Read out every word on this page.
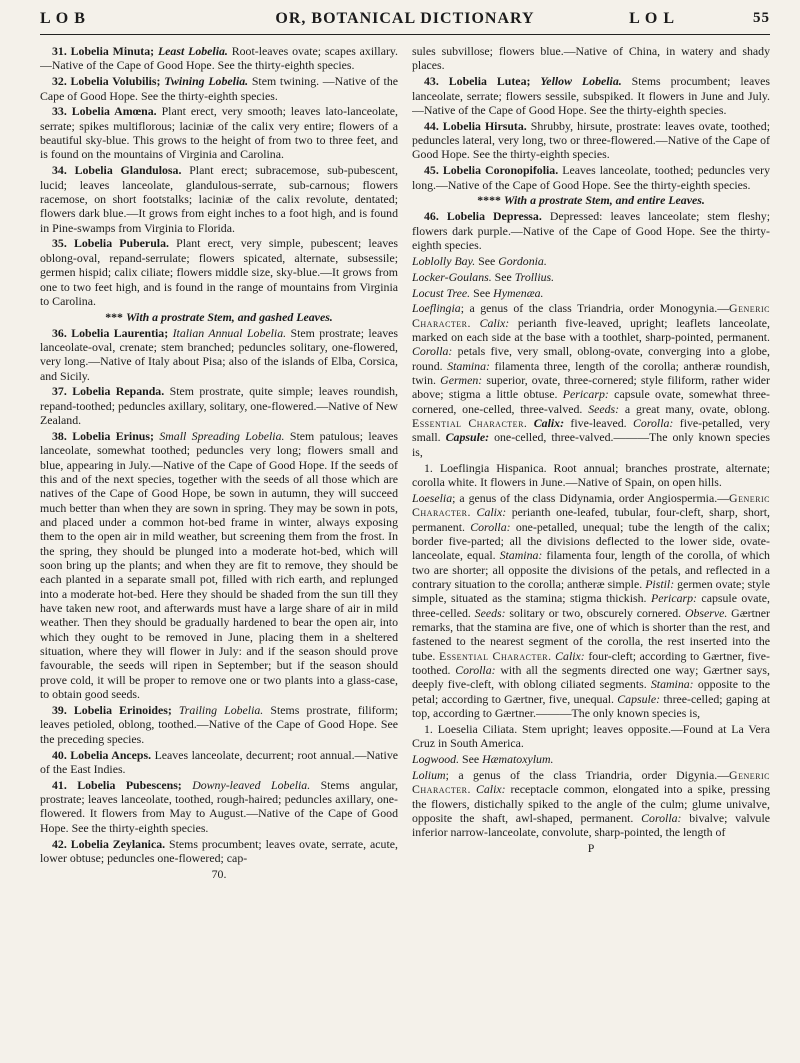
L O B	OR, BOTANICAL DICTIONARY	L O L	55

31. Lobelia Minuta; Least Lobelia. Root-leaves ovate; scapes axillary.—Native of the Cape of Good Hope. See the thirty-eighth species.

32. Lobelia Volubilis; Twining Lobelia. Stem twining. —Native of the Cape of Good Hope. See the thirty-eighth species.

33. Lobelia Amœna. Plant erect, very smooth; leaves lato-lanceolate, serrate; spikes multiflorous; laciniæ of the calix very entire; flowers of a beautiful sky-blue. This grows to the height of from two to three feet, and is found on the mountains of Virginia and Carolina.

34. Lobelia Glandulosa. Plant erect; subracemose, sub-pubescent, lucid; leaves lanceolate, glandulous-serrate, sub-carnous; flowers racemose, on short footstalks; laciniæ of the calix revolute, dentated; flowers dark blue.—It grows from eight inches to a foot high, and is found in Pine-swamps from Virginia to Florida.

35. Lobelia Puberula. Plant erect, very simple, pubescent; leaves oblong-oval, repand-serrulate; flowers spicated, alternate, subsessile; germen hispid; calix ciliate; flowers middle size, sky-blue.—It grows from one to two feet high, and is found in the range of mountains from Virginia to Carolina.

*** With a prostrate Stem, and gashed Leaves.

36. Lobelia Laurentia; Italian Annual Lobelia. Stem prostrate; leaves lanceolate-oval, crenate; stem branched; peduncles solitary, one-flowered, very long.—Native of Italy about Pisa; also of the islands of Elba, Corsica, and Sicily.

37. Lobelia Repanda. Stem prostrate, quite simple; leaves roundish, repand-toothed; peduncles axillary, solitary, one-flowered.—Native of New Zealand.

38. Lobelia Erinus; Small Spreading Lobelia. Stem patulous; leaves lanceolate, somewhat toothed; peduncles very long; flowers small and blue, appearing in July.—Native of the Cape of Good Hope. If the seeds of this and of the next species, together with the seeds of all those which are natives of the Cape of Good Hope, be sown in autumn, they will succeed much better than when they are sown in spring. They may be sown in pots, and placed under a common hot-bed frame in winter, always exposing them to the open air in mild weather, but screening them from the frost. In the spring, they should be plunged into a moderate hot-bed, which will soon bring up the plants; and when they are fit to remove, they should be each planted in a separate small pot, filled with rich earth, and replunged into a moderate hot-bed. Here they should be shaded from the sun till they have taken new root, and afterwards must have a large share of air in mild weather. Then they should be gradually hardened to bear the open air, into which they ought to be removed in June, placing them in a sheltered situation, where they will flower in July: and if the season should prove favourable, the seeds will ripen in September; but if the season should prove cold, it will be proper to remove one or two plants into a glass-case, to obtain good seeds.

39. Lobelia Erinoides; Trailing Lobelia. Stems prostrate, filiform; leaves petioled, oblong, toothed.—Native of the Cape of Good Hope. See the preceding species.

40. Lobelia Anceps. Leaves lanceolate, decurrent; root annual.—Native of the East Indies.

41. Lobelia Pubescens; Downy-leaved Lobelia. Stems angular, prostrate; leaves lanceolate, toothed, rough-haired; peduncles axillary, one-flowered. It flowers from May to August.—Native of the Cape of Good Hope. See the thirty-eighth species.

42. Lobelia Zeylanica. Stems procumbent; leaves ovate, serrate, acute, lower obtuse; peduncles one-flowered; cap-

70.

sules subvillose; flowers blue.—Native of China, in watery and shady places.

43. Lobelia Lutea; Yellow Lobelia. Stems procumbent; leaves lanceolate, serrate; flowers sessile, subspiked. It flowers in June and July.—Native of the Cape of Good Hope. See the thirty-eighth species.

44. Lobelia Hirsuta. Shrubby, hirsute, prostrate: leaves ovate, toothed; peduncles lateral, very long, two or three-flowered.—Native of the Cape of Good Hope. See the thirty-eighth species.

45. Lobelia Coronopifolia. Leaves lanceolate, toothed; peduncles very long.—Native of the Cape of Good Hope. See the thirty-eighth species.

**** With a prostrate Stem, and entire Leaves.

46. Lobelia Depressa. Depressed: leaves lanceolate; stem fleshy; flowers dark purple.—Native of the Cape of Good Hope. See the thirty-eighth species.

Loblolly Bay. See Gordonia.

Locker-Goulans. See Trollius.

Locust Tree. See Hymenæa.

Loeflingia; a genus of the class Triandria, order Monogynia.—Generic Character. Calix: perianth five-leaved, upright; leaflets lanceolate, marked on each side at the base with a toothlet, sharp-pointed, permanent. Corolla: petals five, very small, oblong-ovate, converging into a globe, round. Stamina: filamenta three, length of the corolla; antheræ roundish, twin. Germen: superior, ovate, three-cornered; style filiform, rather wider above; stigma a little obtuse. Pericarp: capsule ovate, somewhat three-cornered, one-celled, three-valved. Seeds: a great many, ovate, oblong. Essential Character. Calix: five-leaved. Corolla: five-petalled, very small. Capsule: one-celled, three-valved.———The only known species is,

1. Loeflingia Hispanica. Root annual; branches prostrate, alternate; corolla white. It flowers in June.—Native of Spain, on open hills.

Loeselia; a genus of the class Didynamia, order Angiospermia.—Generic Character. Calix: perianth one-leafed, tubular, four-cleft, sharp, short, permanent. Corolla: one-petalled, unequal; tube the length of the calix; border five-parted; all the divisions deflected to the lower side, ovate-lanceolate, equal. Stamina: filamenta four, length of the corolla, of which two are shorter; all opposite the divisions of the petals, and reflected in a contrary situation to the corolla; antheræ simple. Pistil: germen ovate; style simple, situated as the stamina; stigma thickish. Pericarp: capsule ovate, three-celled. Seeds: solitary or two, obscurely cornered. Observe. Gærtner remarks, that the stamina are five, one of which is shorter than the rest, and fastened to the nearest segment of the corolla, the rest inserted into the tube. Essential Character. Calix: four-cleft; according to Gærtner, five-toothed. Corolla: with all the segments directed one way; Gærtner says, deeply five-cleft, with oblong ciliated segments. Stamina: opposite to the petal; according to Gærtner, five, unequal. Capsule: three-celled; gaping at top, according to Gærtner.———The only known species is,

1. Loeselia Ciliata. Stem upright; leaves opposite.—Found at La Vera Cruz in South America.

Logwood. See Hæmatoxylum.

Lolium; a genus of the class Triandria, order Digynia.—Generic Character. Calix: receptacle common, elongated into a spike, pressing the flowers, distichally spiked to the angle of the culm; glume univalve, opposite the shaft, awl-shaped, permanent. Corolla: bivalve; valvule inferior narrow-lanceolate, convolute, sharp-pointed, the length of

P
